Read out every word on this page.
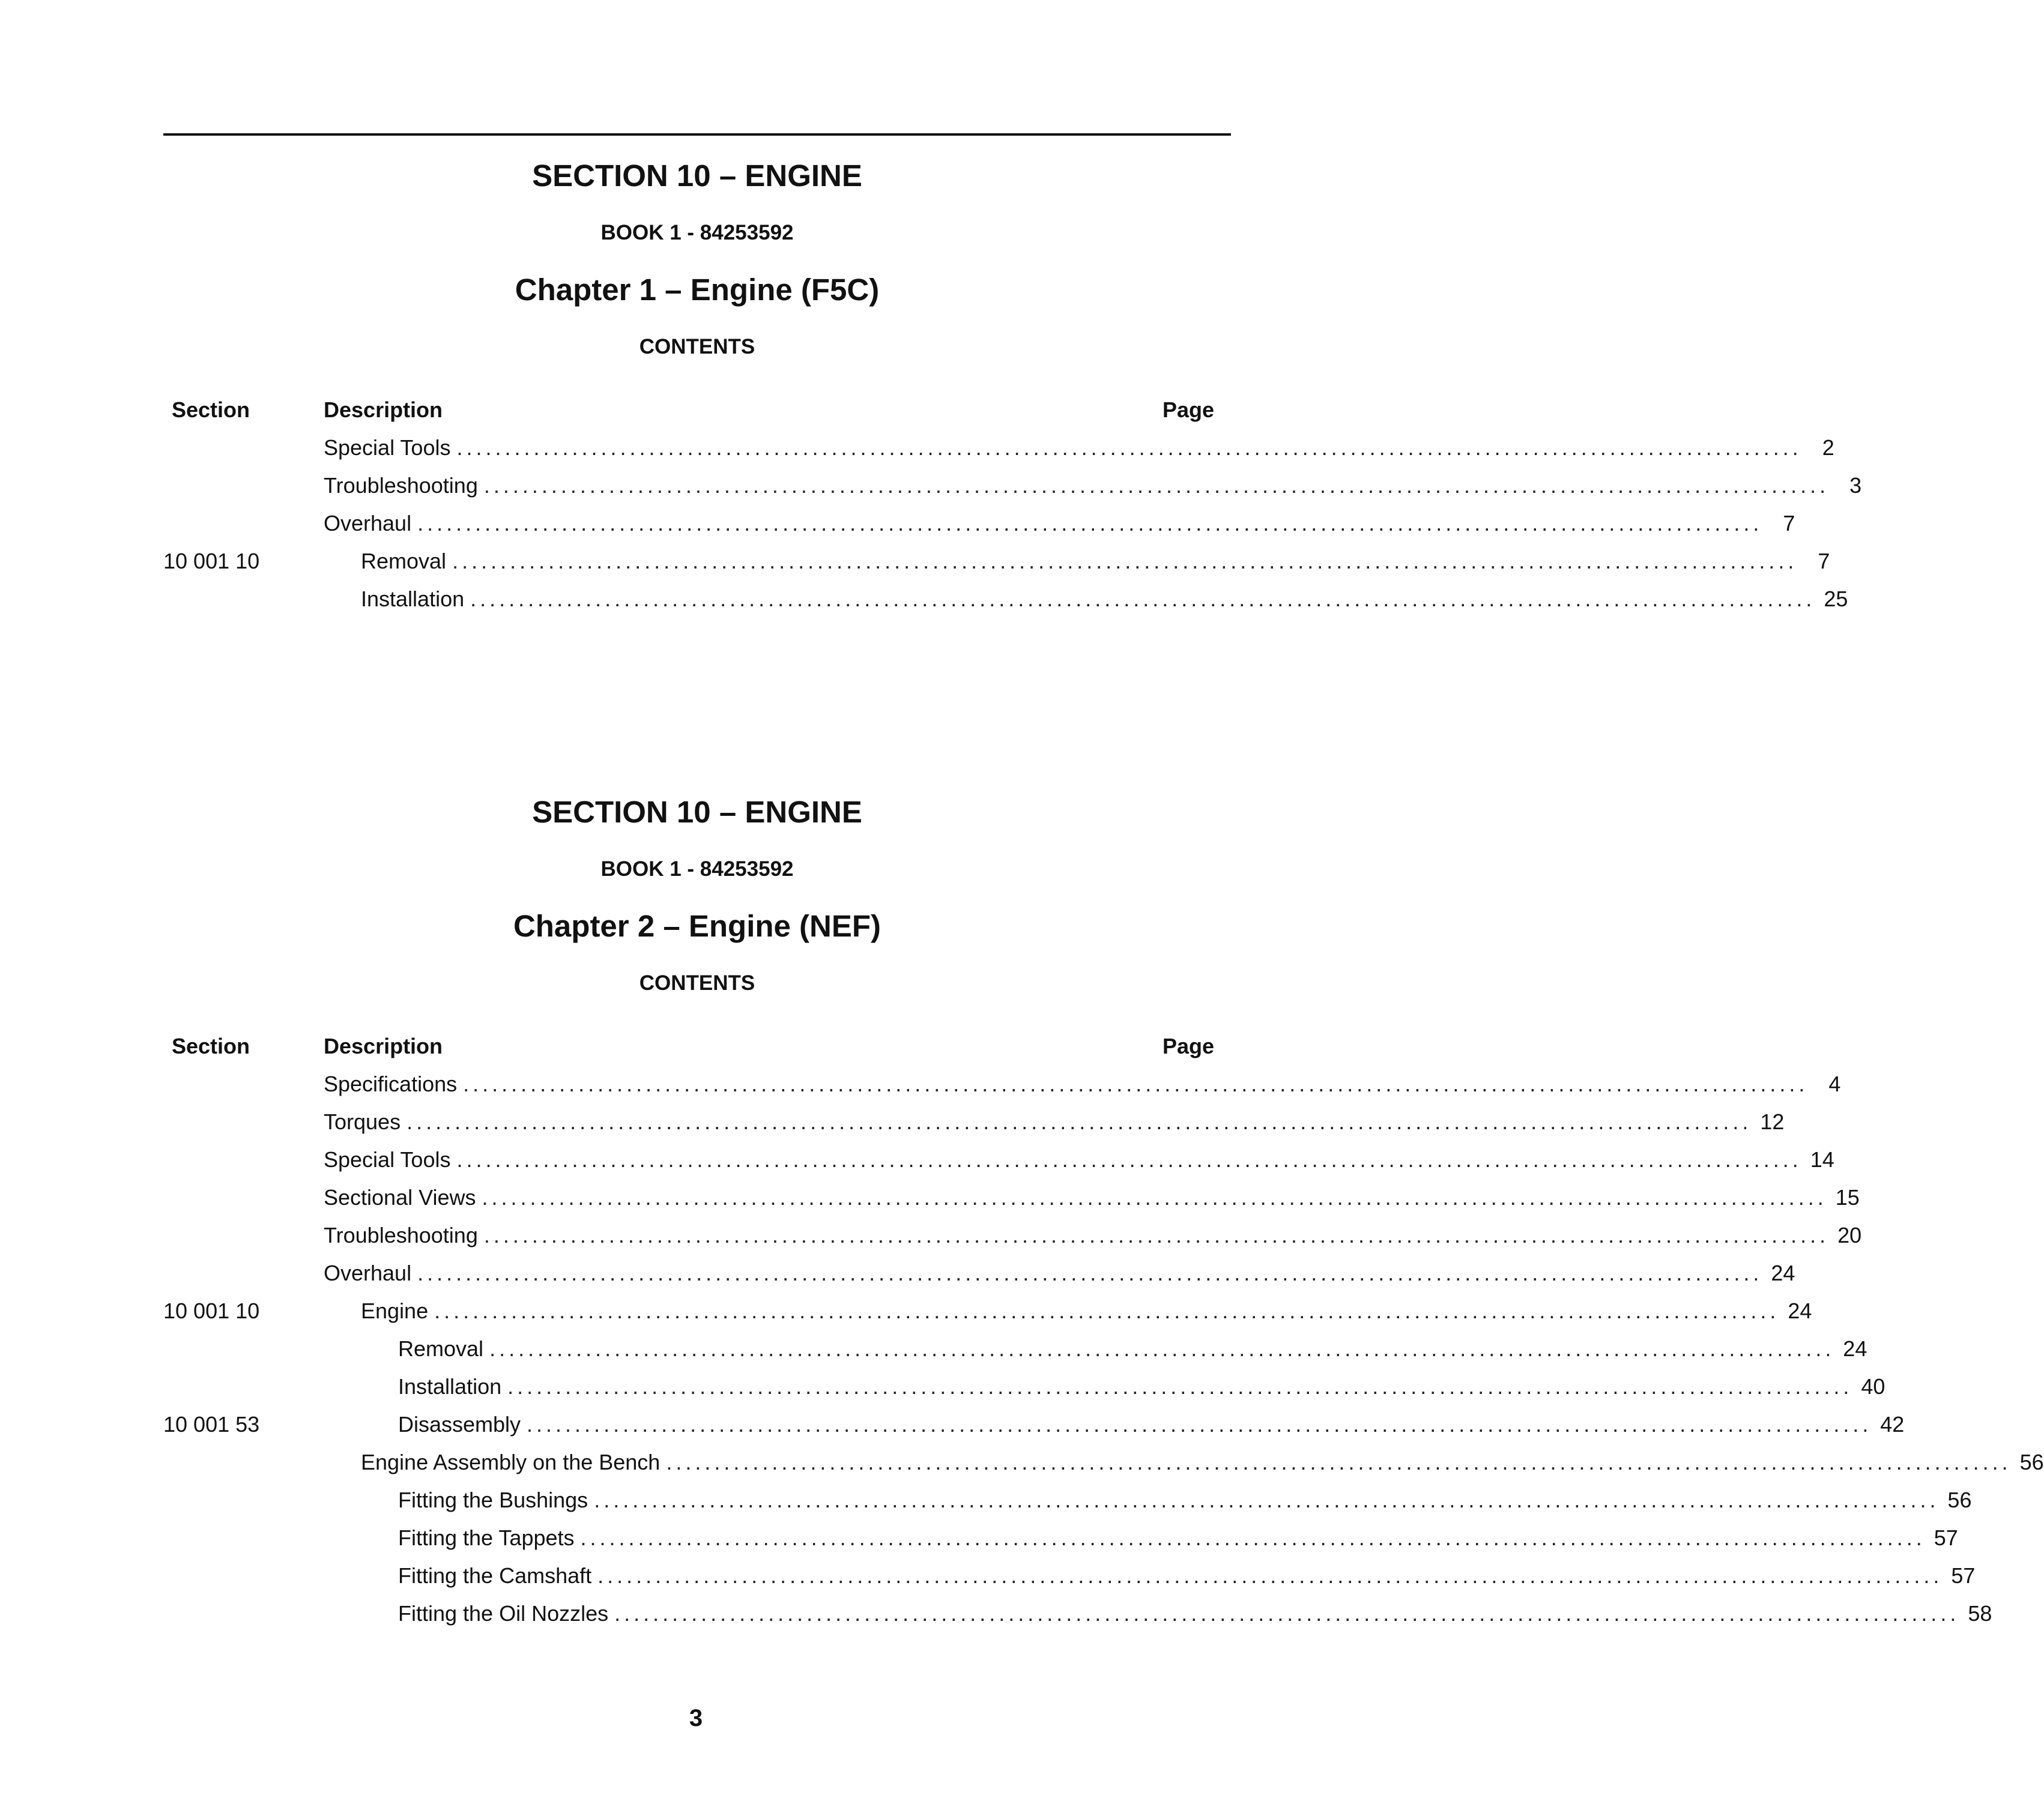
SECTION 10 – ENGINE
BOOK 1 - 84253592
Chapter 1 – Engine (F5C)
CONTENTS
Section	Description	Page
Special Tools ............................................................................................................................................ 2
Troubleshooting ............................................................................................................................................ 3
Overhaul ............................................................................................................................................ 7
10 001 10	Removal ............................................................................................................................................ 7
Installation ............................................................................................................................................ 25
SECTION 10 – ENGINE
BOOK 1 - 84253592
Chapter 2 – Engine (NEF)
CONTENTS
Section	Description	Page
Specifications ............................................................................................................................................ 4
Torques ............................................................................................................................................ 12
Special Tools ............................................................................................................................................ 14
Sectional Views ............................................................................................................................................ 15
Troubleshooting ............................................................................................................................................ 20
Overhaul ............................................................................................................................................ 24
10 001 10	Engine ............................................................................................................................................ 24
Removal ............................................................................................................................................ 24
Installation ............................................................................................................................................ 40
10 001 53	Disassembly ............................................................................................................................................ 42
Engine Assembly on the Bench ............................................................................................................................................ 56
Fitting the Bushings ............................................................................................................................................ 56
Fitting the Tappets ............................................................................................................................................ 57
Fitting the Camshaft ............................................................................................................................................ 57
Fitting the Oil Nozzles ............................................................................................................................................ 58
3
